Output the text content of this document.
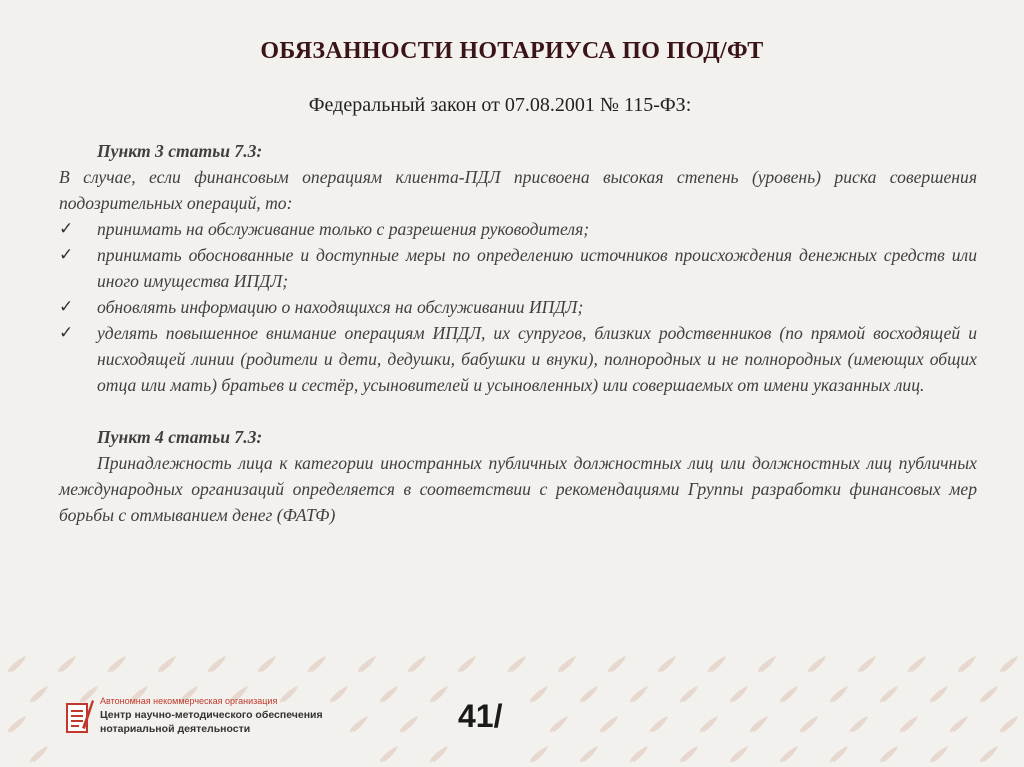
ОБЯЗАННОСТИ НОТАРИУСА ПО ПОД/ФТ
Федеральный закон от 07.08.2001 № 115-ФЗ:

Пункт 3 статьи 7.3:

В случае, если финансовым операциям клиента-ПДЛ присвоена высокая степень (уровень) риска совершения подозрительных операций, то:

✓	принимать на обслуживание только с разрешения руководителя;
✓	принимать обоснованные и доступные меры по определению источников происхождения денежных средств или иного имущества ИПДЛ;
✓	обновлять информацию о находящихся на обслуживании ИПДЛ;
✓	уделять повышенное внимание операциям ИПДЛ, их супругов, близких родственников (по прямой восходящей и нисходящей линии (родители и дети, дедушки, бабушки и внуки), полнородных и не полнородных (имеющих общих отца или мать) братьев и сестёр, усыновителей и усыновленных) или совершаемых от имени указанных лиц.

Пункт 4 статьи 7.3:

Принадлежность лица к категории иностранных публичных должностных лиц или должностных лиц публичных международных организаций определяется в соответствии с рекомендациями Группы разработки финансовых мер борьбы с отмыванием денег (ФАТФ)

Автономная некоммерческая организация
Центр научно-методического обеспечения
нотариальной деятельности	41/
